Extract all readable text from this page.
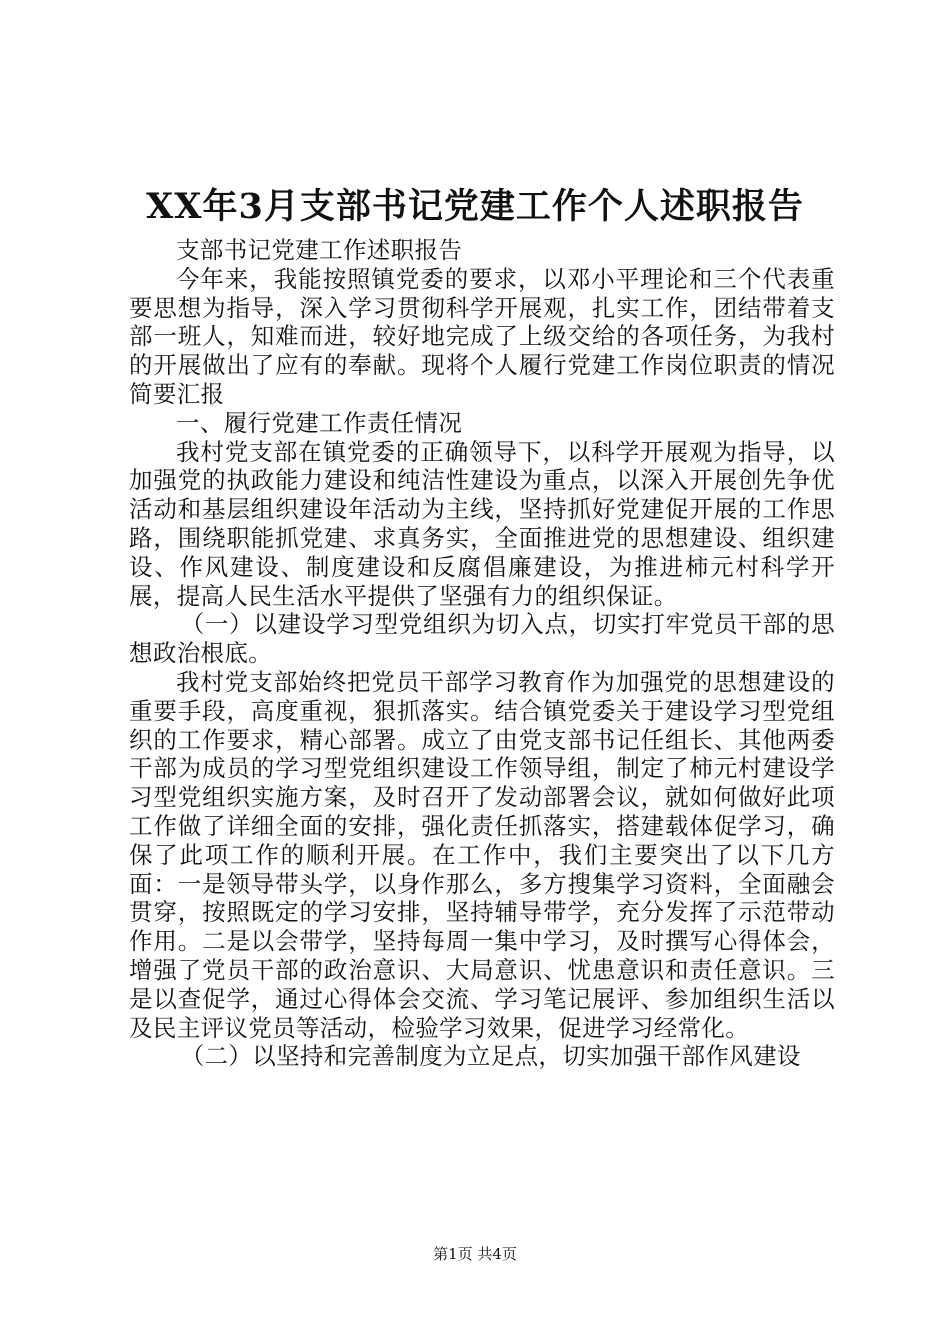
XX年3月支部书记党建工作个人述职报告

支部书记党建工作述职报告

今年来，我能按照镇党委的要求，以邓小平理论和三个代表重要思想为指导，深入学习贯彻科学开展观，扎实工作，团结带着支部一班人，知难而进，较好地完成了上级交给的各项任务，为我村的开展做出了应有的奉献。现将个人履行党建工作岗位职责的情况简要汇报

一、履行党建工作责任情况

我村党支部在镇党委的正确领导下，以科学开展观为指导，以加强党的执政能力建设和纯洁性建设为重点，以深入开展创先争优活动和基层组织建设年活动为主线，坚持抓好党建促开展的工作思路，围绕职能抓党建、求真务实，全面推进党的思想建设、组织建设、作风建设、制度建设和反腐倡廉建设，为推进柿元村科学开展，提高人民生活水平提供了坚强有力的组织保证。

（一）以建设学习型党组织为切入点，切实打牢党员干部的思想政治根底。

我村党支部始终把党员干部学习教育作为加强党的思想建设的重要手段，高度重视，狠抓落实。结合镇党委关于建设学习型党组织的工作要求，精心部署。成立了由党支部书记任组长、其他两委干部为成员的学习型党组织建设工作领导组，制定了柿元村建设学习型党组织实施方案，及时召开了发动部署会议，就如何做好此项工作做了详细全面的安排，强化责任抓落实，搭建载体促学习，确保了此项工作的顺利开展。在工作中，我们主要突出了以下几方面：一是领导带头学，以身作那么，多方搜集学习资料，全面融会贯穿，按照既定的学习安排，坚持辅导带学，充分发挥了示范带动作用。二是以会带学，坚持每周一集中学习，及时撰写心得体会，增强了党员干部的政治意识、大局意识、忧患意识和责任意识。三是以查促学，通过心得体会交流、学习笔记展评、参加组织生活以及民主评议党员等活动，检验学习效果，促进学习经常化。

（二）以坚持和完善制度为立足点，切实加强干部作风建设

第1页 共4页
